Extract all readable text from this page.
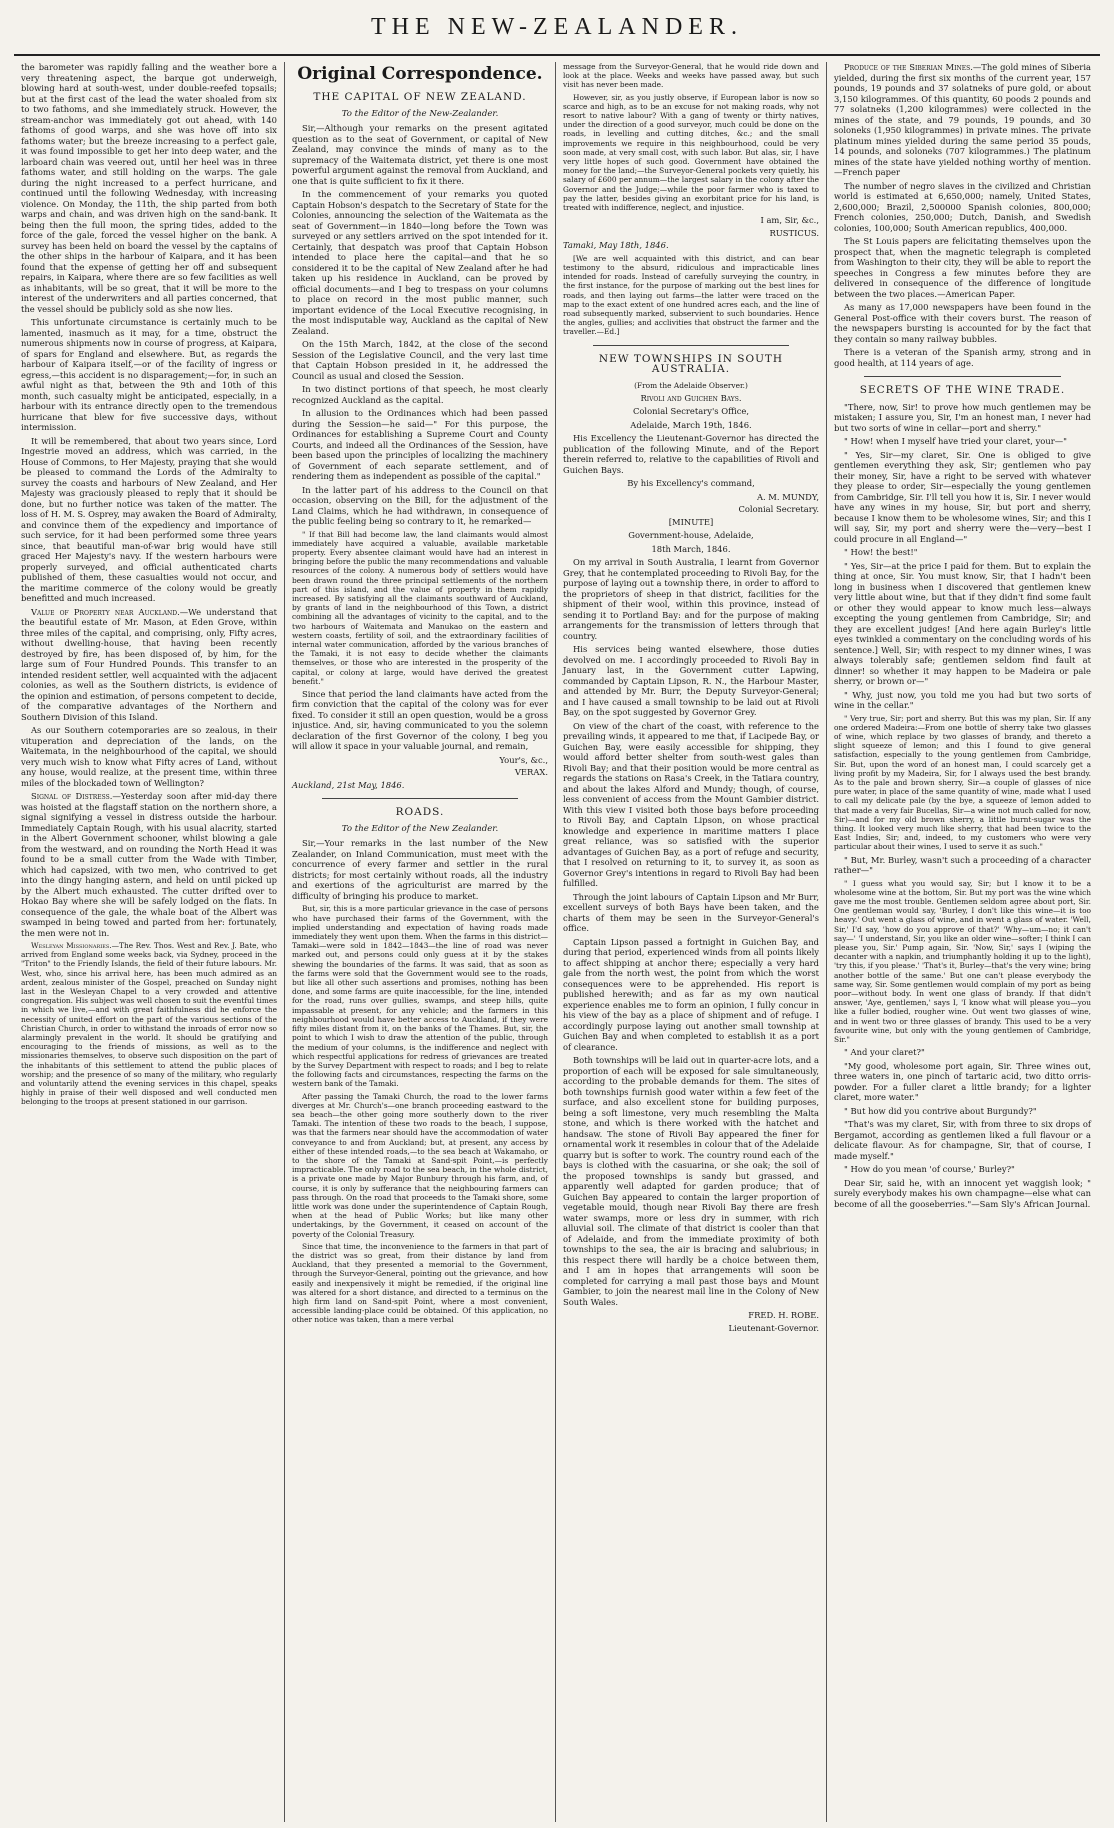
THE NEW-ZEALANDER.

the barometer was rapidly falling and the weather bore a very threatening aspect, the barque got underweigh, blowing hard at south-west, under double-reefed topsails; but at the first cast of the lead the water shoaled from six to two fathoms, and she immediately struck. However, the stream-anchor was immediately got out ahead, with 140 fathoms of good warps, and she was hove off into six fathoms water; but the breeze increasing to a perfect gale, it was found impossible to get her into deep water, and the larboard chain was veered out, until her heel was in three fathoms water, and still holding on the warps. The gale during the night increased to a perfect hurricane, and continued until the following Wednesday, with increasing violence. On Monday, the 11th, the ship parted from both warps and chain, and was driven high on the sand-bank. It being then the full moon, the spring tides, added to the force of the gale, forced the vessel higher on the bank. A survey has been held on board the vessel by the captains of the other ships in the harbour of Kaipara, and it has been found that the expense of getting her off and subsequent repairs, in Kaipara, where there are so few facilities as well as inhabitants, will be so great, that it will be more to the interest of the underwriters and all parties concerned, that the vessel should be publicly sold as she now lies.

This unfortunate circumstance is certainly much to be lamented, inasmuch as it may, for a time, obstruct the numerous shipments now in course of progress, at Kaipara, of spars for England and elsewhere. But, as regards the harbour of Kaipara itself,—or of the facility of ingress or egress,—this accident is no disparagement;—for, in such an awful night as that, between the 9th and 10th of this month, such casualty might be anticipated, especially, in a harbour with its entrance directly open to the tremendous hurricane that blew for five successive days, without intermission.

It will be remembered, that about two years since, Lord Ingestrie moved an address, which was carried, in the House of Commons, to Her Majesty, praying that she would be pleased to command the Lords of the Admiralty to survey the coasts and harbours of New Zealand, and Her Majesty was graciously pleased to reply that it should be done, but no further notice was taken of the matter. The loss of H. M. S. Osprey, may awaken the Board of Admiralty, and convince them of the expediency and importance of such service, for it had been performed some three years since, that beautiful man-of-war brig would have still graced Her Majesty's navy. If the western harbours were properly surveyed, and official authenticated charts published of them, these casualties would not occur, and the maritime commerce of the colony would be greatly benefitted and much increased.

Value of Property near Auckland.—We understand that the beautiful estate of Mr. Mason, at Eden Grove, within three miles of the capital, and comprising, only, Fifty acres, without dwelling-house, that having been recently destroyed by fire, has been disposed of, by him, for the large sum of Four Hundred Pounds. This transfer to an intended resident settler, well acquainted with the adjacent colonies, as well as the Southern districts, is evidence of the opinion and estimation, of persons competent to decide, of the comparative advantages of the Northern and Southern Division of this Island.

As our Southern cotemporaries are so zealous, in their vituperation and depreciation of the lands, on the Waitemata, in the neighbourhood of the capital, we should very much wish to know what Fifty acres of Land, without any house, would realize, at the present time, within three miles of the blockaded town of Wellington?

Signal of Distress.—Yesterday soon after mid-day there was hoisted at the flagstaff station on the northern shore, a signal signifying a vessel in distress outside the harbour. Immediately Captain Rough, with his usual alacrity, started in the Albert Government schooner, whilst blowing a gale from the westward, and on rounding the North Head it was found to be a small cutter from the Wade with Timber, which had capsized, with two men, who contrived to get into the dingy hanging astern, and held on until picked up by the Albert much exhausted. The cutter drifted over to Hokao Bay where she will be safely lodged on the flats. In consequence of the gale, the whale boat of the Albert was swamped in being towed and parted from her: fortunately, the men were not in.

Wesleyan Missionaries.—The Rev. Thos. West and Rev. J. Bate, who arrived from England some weeks back, via Sydney, proceed in the "Triton" to the Friendly Islands, the field of their future labours. Mr. West, who, since his arrival here, has been much admired as an ardent, zealous minister of the Gospel, preached on Sunday night last in the Wesleyan Chapel to a very crowded and attentive congregation. His subject was well chosen to suit the eventful times in which we live,—and with great faithfulness did he enforce the necessity of united effort on the part of the various sections of the Christian Church, in order to withstand the inroads of error now so alarmingly prevalent in the world. It should be gratifying and encouraging to the friends of missions, as well as to the missionaries themselves, to observe such disposition on the part of the inhabitants of this settlement to attend the public places of worship; and the presence of so many of the military, who regularly and voluntarily attend the evening services in this chapel, speaks highly in praise of their well disposed and well conducted men belonging to the troops at present stationed in our garrison.

Original Correspondence.

THE CAPITAL OF NEW ZEALAND.

To the Editor of the New-Zealander.

Sir,—Although your remarks on the present agitated question as to the seat of Government, or capital of New Zealand, may convince the minds of many as to the supremacy of the Waitemata district, yet there is one most powerful argument against the removal from Auckland, and one that is quite sufficient to fix it there.

In the commencement of your remarks you quoted Captain Hobson's despatch to the Secretary of State for the Colonies, announcing the selection of the Waitemata as the seat of Government—in 1840—long before the Town was surveyed or any settlers arrived on the spot intended for it. Certainly, that despatch was proof that Captain Hobson intended to place here the capital—and that he so considered it to be the capital of New Zealand after he had taken up his residence in Auckland, can be proved by official documents—and I beg to trespass on your columns to place on record in the most public manner, such important evidence of the Local Executive recognising, in the most indisputable way, Auckland as the capital of New Zealand.

On the 15th March, 1842, at the close of the second Session of the Legislative Council, and the very last time that Captain Hobson presided in it, he addressed the Council as usual and closed the Session.

In two distinct portions of that speech, he most clearly recognized Auckland as the capital.

In allusion to the Ordinances which had been passed during the Session—he said—" For this purpose, the Ordinances for establishing a Supreme Court and County Courts, and indeed all the Ordinances of the Session, have been based upon the principles of localizing the machinery of Government of each separate settlement, and of rendering them as independent as possible of the capital."

In the latter part of his address to the Council on that occasion, observing on the Bill, for the adjustment of the Land Claims, which he had withdrawn, in consequence of the public feeling being so contrary to it, he remarked—

" If that Bill had become law, the land claimants would almost immediately have acquired a valuable, available marketable property. Every absentee claimant would have had an interest in bringing before the public the many recommendations and valuable resources of the colony. A numerous body of settlers would have been drawn round the three principal settlements of the northern part of this island, and the value of property in them rapidly increased. By satisfying all the claimants southward of Auckland, by grants of land in the neighbourhood of this Town, a district combining all the advantages of vicinity to the capital, and to the two harbours of Waitemata and Manukao on the eastern and western coasts, fertility of soil, and the extraordinary facilities of internal water communication, afforded by the various branches of the Tamaki, it is not easy to decide whether the claimants themselves, or those who are interested in the prosperity of the capital, or colony at large, would have derived the greatest benefit."

Since that period the land claimants have acted from the firm conviction that the capital of the colony was for ever fixed. To consider it still an open question, would be a gross injustice. And, sir, having communicated to you the solemn declaration of the first Governor of the colony, I beg you will allow it space in your valuable journal, and remain,

Your's, &c.,

VERAX.

Auckland, 21st May, 1846.

ROADS.

To the Editor of the New Zealander.

Sir,—Your remarks in the last number of the New Zealander, on Inland Communication, must meet with the concurrence of every farmer and settler in the rural districts; for most certainly without roads, all the industry and exertions of the agriculturist are marred by the difficulty of bringing his produce to market.

But, sir, this is a more particular grievance in the case of persons who have purchased their farms of the Government, with the implied understanding and expectation of having roads made immediately they went upon them. When the farms in this district—Tamaki—were sold in 1842—1843—the line of road was never marked out, and persons could only guess at it by the stakes shewing the boundaries of the farms. It was said, that as soon as the farms were sold that the Government would see to the roads, but like all other such assertions and promises, nothing has been done, and some farms are quite inaccessible, for the line, intended for the road, runs over gullies, swamps, and steep hills, quite impassable at present, for any vehicle; and the farmers in this neighbourhood would have better access to Auckland, if they were fifty miles distant from it, on the banks of the Thames. But, sir, the point to which I wish to draw the attention of the public, through the medium of your columns, is the indifference and neglect with which respectful applications for redress of grievances are treated by the Survey Department with respect to roads; and I beg to relate the following facts and circumstances, respecting the farms on the western bank of the Tamaki.

After passing the Tamaki Church, the road to the lower farms diverges at Mr. Church's—one branch proceeding eastward to the sea beach—the other going more southerly down to the river Tamaki. The intention of these two roads to the beach, I suppose, was that the farmers near should have the accommodation of water conveyance to and from Auckland; but, at present, any access by either of these intended roads,—to the sea beach at Wakamaho, or to the shore of the Tamaki at Sand-spit Point,—is perfectly impracticable. The only road to the sea beach, in the whole district, is a private one made by Major Bunbury through his farm, and, of course, it is only by sufferance that the neighbouring farmers can pass through. On the road that proceeds to the Tamaki shore, some little work was done under the superintendence of Captain Rough, when at the head of Public Works; but like many other undertakings, by the Government, it ceased on account of the poverty of the Colonial Treasury.

Since that time, the inconvenience to the farmers in that part of the district was so great, from their distance by land from Auckland, that they presented a memorial to the Government, through the Surveyor-General, pointing out the grievance, and how easily and inexpensively it might be remedied, if the original line was altered for a short distance, and directed to a terminus on the high firm land on Sand-spit Point, where a most convenient, accessible landing-place could be obtained. Of this application, no other notice was taken, than a mere verbal

message from the Surveyor-General, that he would ride down and look at the place. Weeks and weeks have passed away, but such visit has never been made.

However, sir, as you justly observe, if European labor is now so scarce and high, as to be an excuse for not making roads, why not resort to native labour? With a gang of twenty or thirty natives, under the direction of a good surveyor, much could be done on the roads, in levelling and cutting ditches, &c.; and the small improvements we require in this neighbourhood, could be very soon made, at very small cost, with such labor. But alas, sir, I have very little hopes of such good. Government have obtained the money for the land;—the Surveyor-General pockets very quietly, his salary of £600 per annum—the largest salary in the colony after the Governor and the Judge;—while the poor farmer who is taxed to pay the latter, besides giving an exorbitant price for his land, is treated with indifference, neglect, and injustice.

I am, Sir, &c.,

RUSTICUS.

Tamaki, May 18th, 1846.

[We are well acquainted with this district, and can bear testimony to the absurd, ridiculous and impracticable lines intended for roads. Instead of carefully surveying the country, in the first instance, for the purpose of marking out the best lines for roads, and then laying out farms—the latter were traced on the map to the exact extent of one hundred acres each, and the line of road subsequently marked, subservient to such boundaries. Hence the angles, gullies; and acclivities that obstruct the farmer and the traveller.—Ed.]

NEW TOWNSHIPS IN SOUTH AUSTRALIA.

(From the Adelaide Observer.)

Rivoli and Guichen Bays.

Colonial Secretary's Office,

Adelaide, March 19th, 1846.

His Excellency the Lieutenant-Governor has directed the publication of the following Minute, and of the Report therein referred to, relative to the capabilities of Rivoli and Guichen Bays.

By his Excellency's command,

A. M. MUNDY,

Colonial Secretary.

[MINUTE]

Government-house, Adelaide,

18th March, 1846.

On my arrival in South Australia, I learnt from Governor Grey, that he contemplated proceeding to Rivoli Bay, for the purpose of laying out a township there, in order to afford to the proprietors of sheep in that district, facilities for the shipment of their wool, within this province, instead of sending it to Portland Bay: and for the purpose of making arrangements for the transmission of letters through that country.

His services being wanted elsewhere, those duties devolved on me. I accordingly proceeded to Rivoli Bay in January last, in the Government cutter Lapwing, commanded by Captain Lipson, R. N., the Harbour Master, and attended by Mr. Burr, the Deputy Surveyor-General; and I have caused a small township to be laid out at Rivoli Bay, on the spot suggested by Governor Grey.

On view of the chart of the coast, with reference to the prevailing winds, it appeared to me that, if Lacipede Bay, or Guichen Bay, were easily accessible for shipping, they would afford better shelter from south-west gales than Rivoli Bay; and that their position would be more central as regards the stations on Rasa's Creek, in the Tatiara country, and about the lakes Alford and Mundy; though, of course, less convenient of access from the Mount Gambier district. With this view I visited both those bays before proceeding to Rivoli Bay, and Captain Lipson, on whose practical knowledge and experience in maritime matters I place great reliance, was so satisfied with the superior advantages of Guichen Bay, as a port of refuge and security, that I resolved on returning to it, to survey it, as soon as Governor Grey's intentions in regard to Rivoli Bay had been fulfilled.

Through the joint labours of Captain Lipson and Mr Burr, excellent surveys of both Bays have been taken, and the charts of them may be seen in the Surveyor-General's office.

Captain Lipson passed a fortnight in Guichen Bay, and during that period, experienced winds from all points likely to affect shipping at anchor there; especially a very hard gale from the north west, the point from which the worst consequences were to be apprehended. His report is published herewith; and as far as my own nautical experience enables me to form an opinion, I fully concur in his view of the bay as a place of shipment and of refuge. I accordingly purpose laying out another small township at Guichen Bay and when completed to establish it as a port of clearance.

Both townships will be laid out in quarter-acre lots, and a proportion of each will be exposed for sale simultaneously, according to the probable demands for them. The sites of both townships furnish good water within a few feet of the surface, and also excellent stone for building purposes, being a soft limestone, very much resembling the Malta stone, and which is there worked with the hatchet and handsaw. The stone of Rivoli Bay appeared the finer for ornamental work it resembles in colour that of the Adelaide quarry but is softer to work. The country round each of the bays is clothed with the casuarina, or she oak; the soil of the proposed townships is sandy but grassed, and apparently well adapted for garden produce; that of Guichen Bay appeared to contain the larger proportion of vegetable mould, though near Rivoli Bay there are fresh water swamps, more or less dry in summer, with rich alluvial soil. The climate of that district is cooler than that of Adelaide, and from the immediate proximity of both townships to the sea, the air is bracing and salubrious; in this respect there will hardly be a choice between them, and I am in hopes that arrangements will soon be completed for carrying a mail past those bays and Mount Gambier, to join the nearest mail line in the Colony of New South Wales.

FRED. H. ROBE.

Lieutenant-Governor.

Produce of the Siberian Mines.—The gold mines of Siberia yielded, during the first six months of the current year, 157 pounds, 19 pounds and 37 solatneks of pure gold, or about 3,150 kilogrammes. Of this quantity, 60 poods 2 pounds and 77 solatneks (1,200 kilogrammes) were collected in the mines of the state, and 79 pounds, 19 pounds, and 30 soloneks (1,950 kilogrammes) in private mines. The private platinum mines yielded during the same period 35 pouds, 14 pounds, and soloneks (707 kilogrammes.) The platinum mines of the state have yielded nothing worthy of mention.—French paper

The number of negro slaves in the civilized and Christian world is estimated at 6,650,000; namely, United States, 2,600,000; Brazil, 2,500000 Spanish colonies, 800,000; French colonies, 250,000; Dutch, Danish, and Swedish colonies, 100,000; South American republics, 400,000.

The St Louis papers are felicitating themselves upon the prospect that, when the magnetic telegraph is completed from Washington to their city, they will be able to report the speeches in Congress a few minutes before they are delivered in consequence of the difference of longitude between the two places.—American Paper.

As many as 17,000 newspapers have been found in the General Post-office with their covers burst. The reason of the newspapers bursting is accounted for by the fact that they contain so many railway bubbles.

There is a veteran of the Spanish army, strong and in good health, at 114 years of age.

SECRETS OF THE WINE TRADE.

"There, now, Sir! to prove how much gentlemen may be mistaken; I assure you, Sir, I'm an honest man, I never had but two sorts of wine in cellar—port and sherry."

" How! when I myself have tried your claret, your—"

" Yes, Sir—my claret, Sir. One is obliged to give gentlemen everything they ask, Sir; gentlemen who pay their money, Sir, have a right to be served with whatever they please to order, Sir—especially the young gentlemen from Cambridge, Sir. I'll tell you how it is, Sir. I never would have any wines in my house, Sir, but port and sherry, because I know them to be wholesome wines, Sir; and this I will say, Sir, my port and sherry were the—very—best I could procure in all England—"

" How! the best!"

" Yes, Sir—at the price I paid for them. But to explain the thing at once, Sir. You must know, Sir, that I hadn't been long in business when I discovered that gentlemen knew very little about wine, but that if they didn't find some fault or other they would appear to know much less—always excepting the young gentlemen from Cambridge, Sir; and they are excellent judges! [And here again Burley's little eyes twinkled a commentary on the concluding words of his sentence.] Well, Sir; with respect to my dinner wines, I was always tolerably safe; gentlemen seldom find fault at dinner! so whether it may happen to be Madeira or pale sherry, or brown or—"

" Why, just now, you told me you had but two sorts of wine in the cellar."

" Very true, Sir; port and sherry. But this was my plan, Sir. If any one ordered Madeira:—From one bottle of sherry take two glasses of wine, which replace by two glasses of brandy, and thereto a slight squeeze of lemon; and this I found to give general satisfaction, especially to the young gentlemen from Cambridge, Sir. But, upon the word of an honest man, I could scarcely get a living profit by my Madeira, Sir, for I always used the best brandy. As to the pale and brown sherry, Sir—a couple of glasses of nice pure water, in place of the same quantity of wine, made what I used to call my delicate pale (by the bye, a squeeze of lemon added to that made a very fair Bucellas, Sir—a wine not much called for now, Sir)—and for my old brown sherry, a little burnt-sugar was the thing. It looked very much like sherry, that had been twice to the East Indies, Sir; and, indeed, to my customers who were very particular about their wines, I used to serve it as such."

" But, Mr. Burley, wasn't such a proceeding of a character rather—"

" I guess what you would say, Sir; but I know it to be a wholesome wine at the bottom, Sir. But my port was the wine which gave me the most trouble. Gentlemen seldom agree about port, Sir. One gentleman would say, 'Burley, I don't like this wine—it is too heavy.' Out went a glass of wine, and in went a glass of water. 'Well, Sir,' I'd say, 'how do you approve of that?' 'Why—um—no; it can't say—' 'I understand, Sir, you like an older wine—softer; I think I can please you, Sir.' Pump again, Sir. 'Now, Sir,' says I (wiping the decanter with a napkin, and triumphantly holding it up to the light), 'try this, if you please.' 'That's it, Burley—that's the very wine; bring another bottle of the same.' But one can't please everybody the same way, Sir. Some gentlemen would complain of my port as being poor—without body. In went one glass of brandy. If that didn't answer, 'Aye, gentlemen,' says I, 'I know what will please you—you like a fuller bodied, rougher wine. Out went two glasses of wine, and in went two or three glasses of brandy. This used to be a very favourite wine, but only with the young gentlemen of Cambridge, Sir."

" And your claret?"

"My good, wholesome port again, Sir. Three wines out, three waters in, one pinch of tartaric acid, two ditto orris-powder. For a fuller claret a little brandy; for a lighter claret, more water."

" But how did you contrive about Burgundy?"

"That's was my claret, Sir, with from three to six drops of Bergamot, according as gentlemen liked a full flavour or a delicate flavour. As for champagne, Sir, that of course, I made myself."

" How do you mean 'of course,' Burley?"

Dear Sir, said he, with an innocent yet waggish look; " surely everybody makes his own champagne—else what can become of all the gooseberries."—Sam Sly's African Journal.
